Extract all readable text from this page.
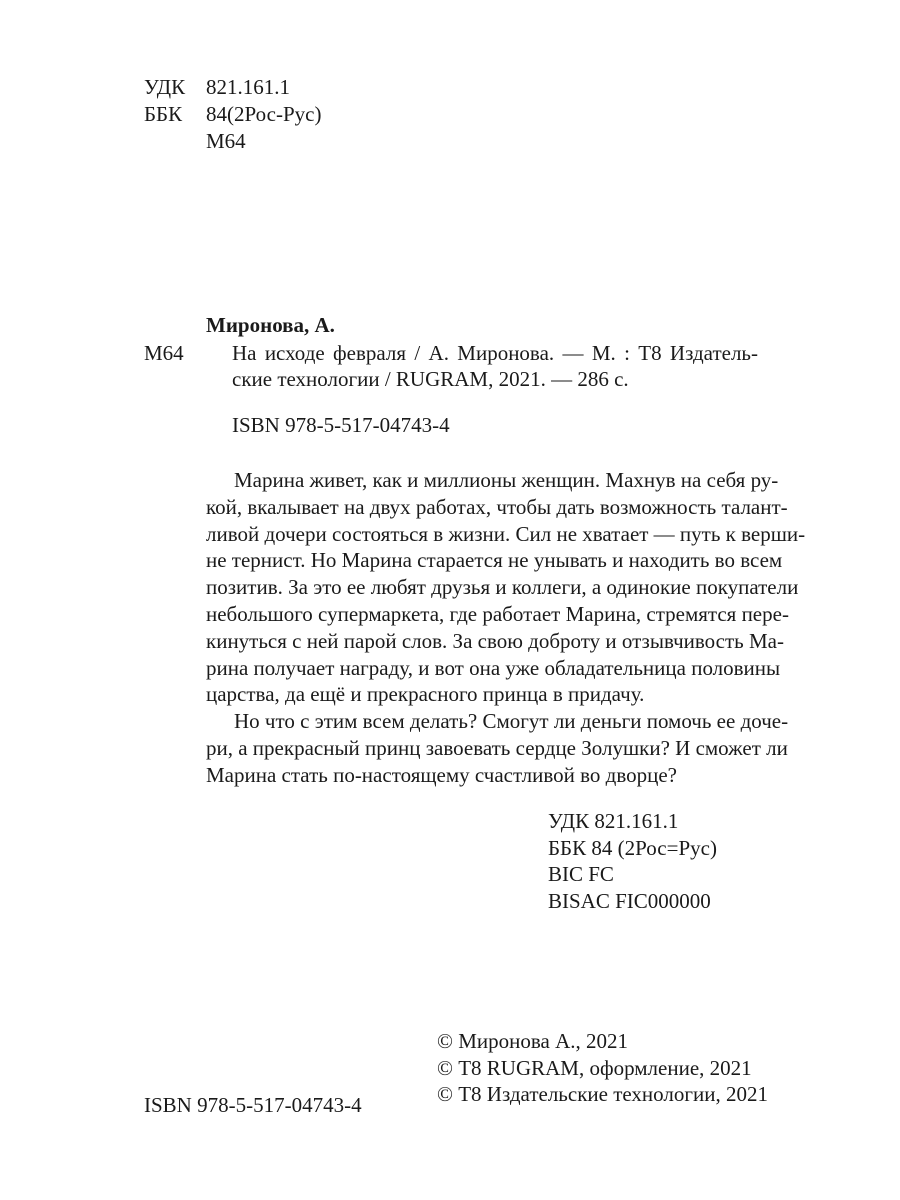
УДК 821.161.1
ББК	84(2Рос-Рус)
М64
Миронова, А.
М64 На исходе февраля / А. Миронова. — М. : Т8 Издатель-
ские технологии / RUGRAM, 2021. — 286 с.
ISBN 978-5-517-04743-4

Марина живет, как и миллионы женщин. Махнув на себя ру-
кой, вкалывает на двух работах, чтобы дать возможность талант-
ливой дочери состояться в жизни. Сил не хватает — путь к верши-
не тернист. Но Марина старается не унывать и находить во всем
позитив. За это ее любят друзья и коллеги, а одинокие покупатели
небольшого супермаркета, где работает Марина, стремятся пере-
кинуться с ней парой слов. За свою доброту и отзывчивость Ма-
рина получает награду, и вот она уже обладательница половины
царства, да ещё и прекрасного принца в придачу.

Но что с этим всем делать? Смогут ли деньги помочь ее дочe-
ри, а прекрасный принц завоевать сердце Золушки? И сможет ли
Марина стать по-настоящему счастливой во дворце?

УДК 821.161.1
ББК 84 (2Рос=Рус)
BIC FC
BISAC FIC000000
© Миронова А., 2021
© Т8 RUGRAM, оформление, 2021
© Т8 Издательские технологии, 2021
ISBN 978-5-517-04743-4
